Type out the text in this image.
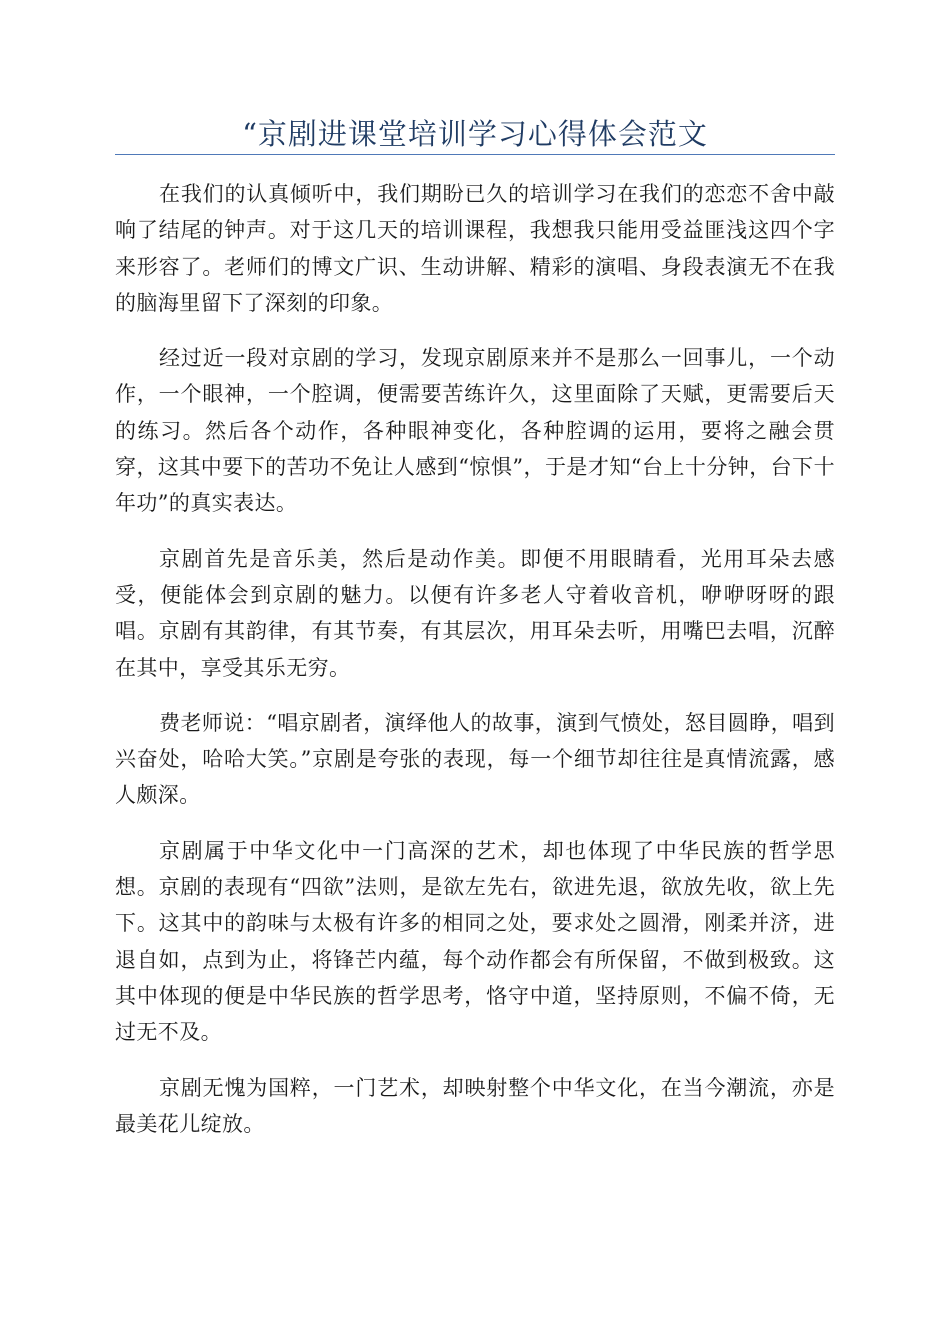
“京剧进课堂培训学习心得体会范文

在我们的认真倾听中，我们期盼已久的培训学习在我们的恋恋不舍中敲响了结尾的钟声。对于这几天的培训课程，我想我只能用受益匪浅这四个字来形容了。老师们的博文广识、生动讲解、精彩的演唱、身段表演无不在我的脑海里留下了深刻的印象。

经过近一段对京剧的学习，发现京剧原来并不是那么一回事儿，一个动作，一个眼神，一个腔调，便需要苦练许久，这里面除了天赋，更需要后天的练习。然后各个动作，各种眼神变化，各种腔调的运用，要将之融会贯穿，这其中要下的苦功不免让人感到“惊惧”，于是才知“台上十分钟，台下十年功”的真实表达。

京剧首先是音乐美，然后是动作美。即便不用眼睛看，光用耳朵去感受，便能体会到京剧的魅力。以便有许多老人守着收音机，咿咿呀呀的跟唱。京剧有其韵律，有其节奏，有其层次，用耳朵去听，用嘴巴去唱，沉醉在其中，享受其乐无穷。

费老师说：“唱京剧者，演绎他人的故事，演到气愤处，怒目圆睁，唱到兴奋处，哈哈大笑。”京剧是夸张的表现，每一个细节却往往是真情流露，感人颇深。

京剧属于中华文化中一门高深的艺术，却也体现了中华民族的哲学思想。京剧的表现有“四欲”法则，是欲左先右，欲进先退，欲放先收，欲上先下。这其中的韵味与太极有许多的相同之处，要求处之圆滑，刚柔并济，进退自如，点到为止，将锋芒内蕴，每个动作都会有所保留，不做到极致。这其中体现的便是中华民族的哲学思考，恪守中道，坚持原则，不偏不倚，无过无不及。

京剧无愧为国粹，一门艺术，却映射整个中华文化，在当今潮流，亦是最美花儿绽放。
